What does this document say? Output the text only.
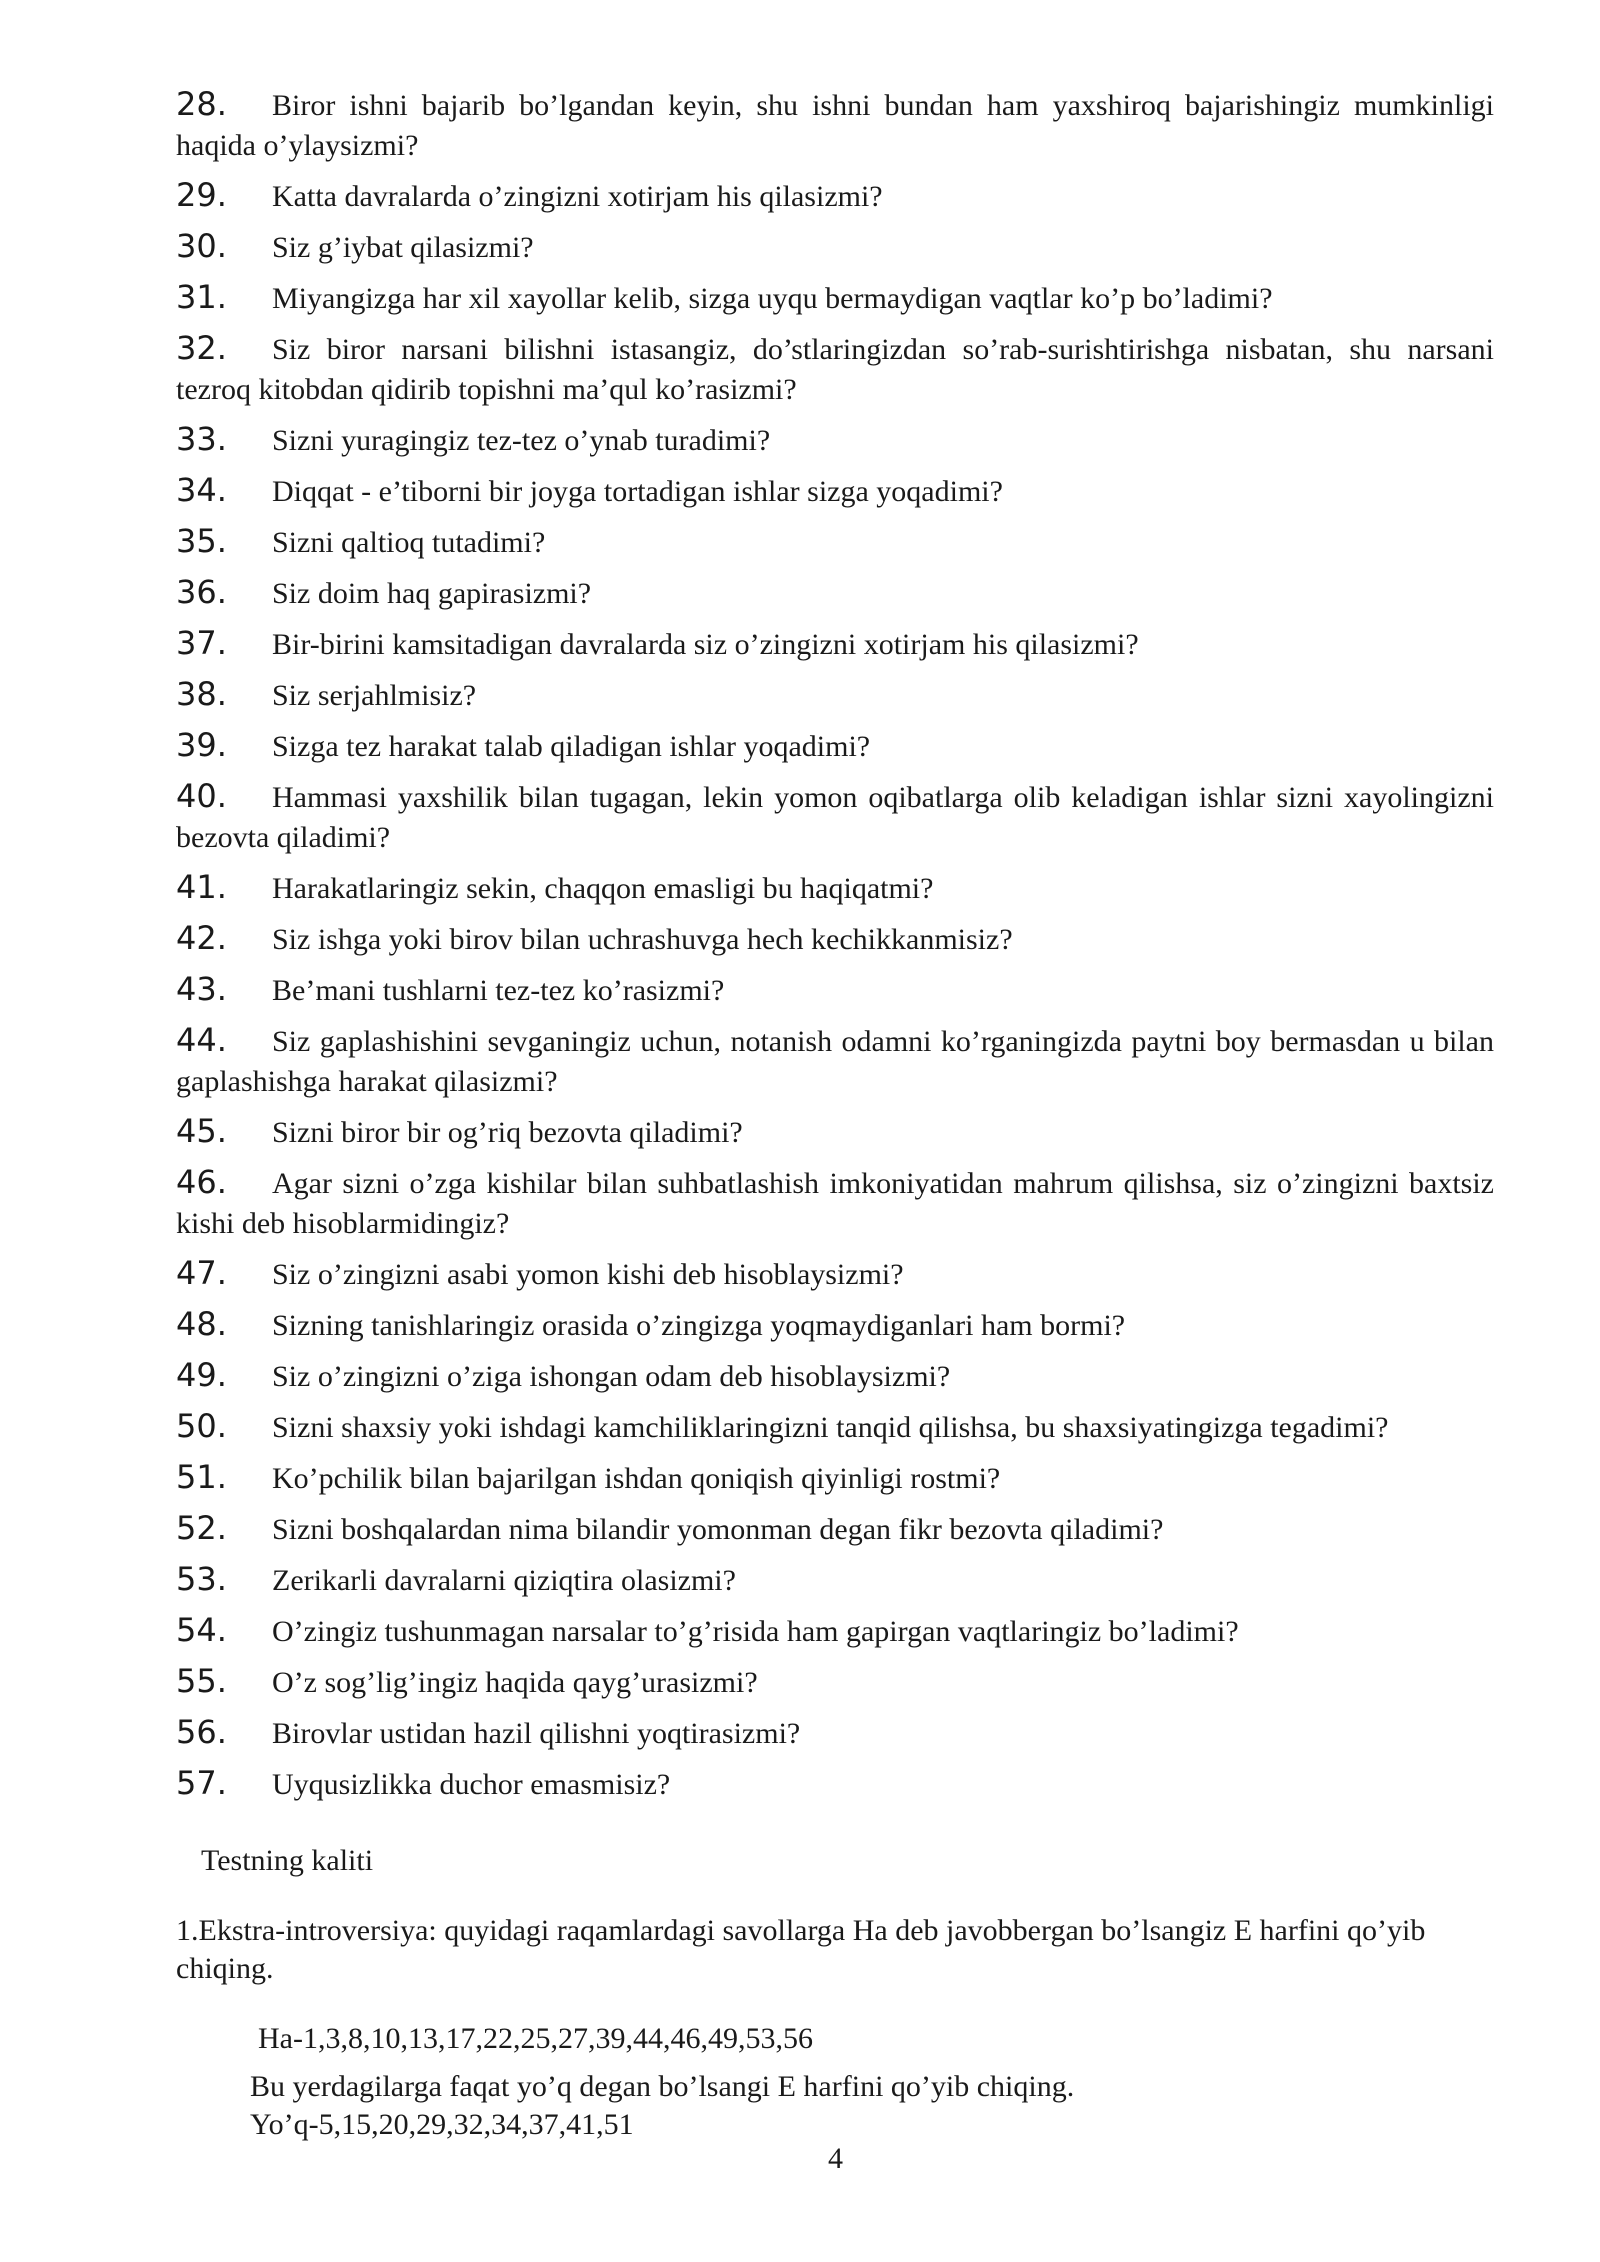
28. Biror ishni bajarib bo’lgandan keyin, shu ishni bundan ham yaxshiroq bajarishingiz mumkinligi haqida o’ylaysizmi?

29. Katta davralarda o’zingizni xotirjam his qilasizmi?

30. Siz g’iybat qilasizmi?

31. Miyangizga har xil xayollar kelib, sizga uyqu bermaydigan vaqtlar ko’p bo’ladimi?

32. Siz biror narsani bilishni istasangiz, do’stlaringizdan so’rab-surishtirishga nisbatan, shu narsani tezroq kitobdan qidirib topishni ma’qul ko’rasizmi?

33. Sizni yuragingiz tez-tez o’ynab turadimi?

34. Diqqat - e’tiborni bir joyga tortadigan ishlar sizga yoqadimi?

35. Sizni qaltioq tutadimi?

36. Siz doim haq gapirasizmi?

37. Bir-birini kamsitadigan davralarda siz o’zingizni xotirjam his qilasizmi?

38. Siz serjahlmisiz?

39. Sizga tez harakat talab qiladigan ishlar yoqadimi?

40. Hammasi yaxshilik bilan tugagan, lekin yomon oqibatlarga olib keladigan ishlar sizni xayolingizni bezovta qiladimi?

41. Harakatlaringiz sekin, chaqqon emasligi bu haqiqatmi?

42. Siz ishga yoki birov bilan uchrashuvga hech kechikkanmisiz?

43. Be’mani tushlarni tez-tez ko’rasizmi?

44. Siz gaplashishini sevganingiz uchun, notanish odamni ko’rganingizda paytni boy bermasdan u bilan gaplashishga harakat qilasizmi?

45. Sizni biror bir og’riq bezovta qiladimi?

46. Agar sizni o’zga kishilar bilan suhbatlashish imkoniyatidan mahrum qilishsa, siz o’zingizni baxtsiz kishi deb hisoblarmidingiz?

47. Siz o’zingizni asabi yomon kishi deb hisoblaysizmi?

48. Sizning tanishlaringiz orasida o’zingizga yoqmaydiganlari ham bormi?

49. Siz o’zingizni o’ziga ishongan odam deb hisoblaysizmi?

50. Sizni shaxsiy yoki ishdagi kamchiliklaringizni tanqid qilishsa, bu shaxsiyatingizga tegadimi?

51. Ko’pchilik bilan bajarilgan ishdan qoniqish qiyinligi rostmi?

52. Sizni boshqalardan nima bilandir yomonman degan fikr bezovta qiladimi?

53. Zerikarli davralarni qiziqtira olasizmi?

54. O’zingiz tushunmagan narsalar to’g’risida ham gapirgan vaqtlaringiz bo’ladimi?

55. O’z sog’lig’ingiz haqida qayg’urasizmi?

56. Birovlar ustidan hazil qilishni yoqtirasizmi?

57. Uyqusizlikka duchor emasmisiz?

Testning kaliti

1.Ekstra-introversiya: quyidagi raqamlardagi savollarga Ha deb javobbergan bo’lsangiz E harfini qo’yib chiqing.

Ha-1,3,8,10,13,17,22,25,27,39,44,46,49,53,56
Bu yerdagilarga faqat yo’q degan bo’lsangi E harfini qo’yib chiqing.
Yo’q-5,15,20,29,32,34,37,41,51
4
